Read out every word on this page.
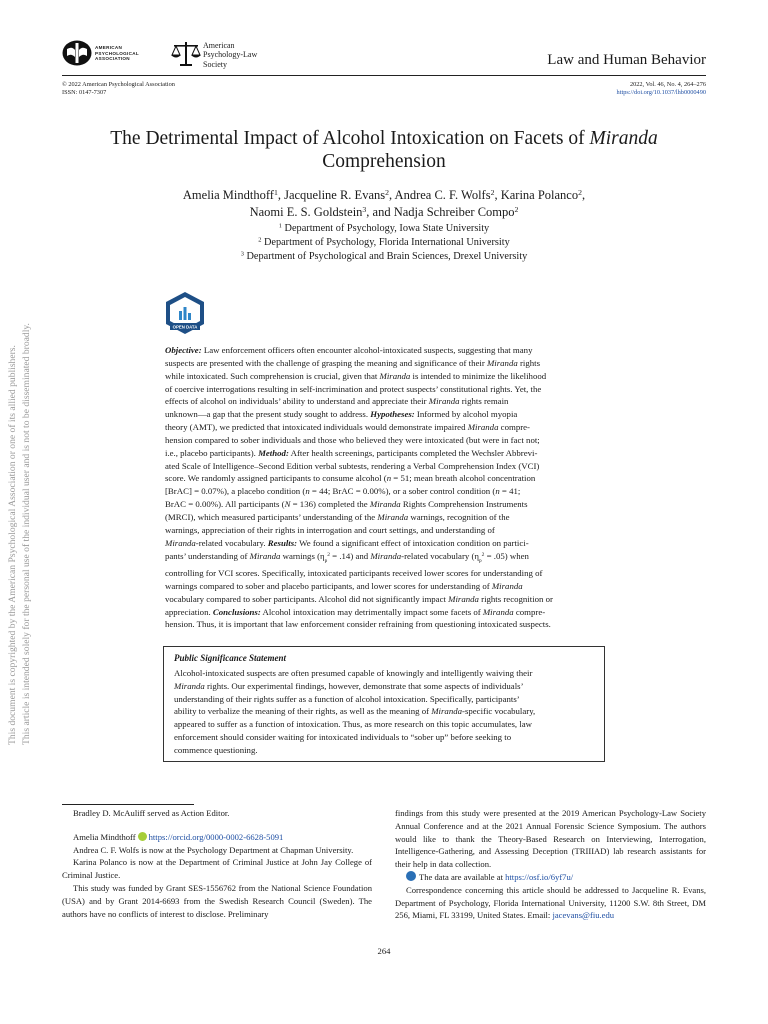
AMERICAN
PSYCHOLOGICAL
ASSOCIATION
American
Psychology-Law
Society	Law and Human Behavior
© 2022 American Psychological Association
ISSN: 0147-7307
2022, Vol. 46, No. 4, 264–276
https://doi.org/10.1037/lhb0000490
The Detrimental Impact of Alcohol Intoxication on Facets of Miranda
Comprehension
Amelia Mindthoff$^1$, Jacqueline R. Evans$^2$, Andrea C. F. Wolfs$^2$, Karina Polanco$^2$,
Naomi E. S. Goldstein$^3$, and Nadja Schreiber Compo$^2$
$^1$ Department of Psychology, Iowa State University
$^2$ Department of Psychology, Florida International University
$^3$ Department of Psychological and Brain Sciences, Drexel University
OPEN DATA
Objective: Law enforcement officers often encounter alcohol-intoxicated suspects, suggesting that many
suspects are presented with the challenge of grasping the meaning and significance of their Miranda rights
while intoxicated. Such comprehension is crucial, given that Miranda is intended to minimize the likelihood
of coercive interrogations resulting in self-incrimination and protect suspects’ constitutional rights. Yet, the
effects of alcohol on individuals’ ability to understand and appreciate their Miranda rights remain
unknown—a gap that the present study sought to address. Hypotheses: Informed by alcohol myopia
theory (AMT), we predicted that intoxicated individuals would demonstrate impaired Miranda compre-
hension compared to sober individuals and those who believed they were intoxicated (but were in fact not;
i.e., placebo participants). Method: After health screenings, participants completed the Wechsler Abbrevi-
ated Scale of Intelligence–Second Edition verbal subtests, rendering a Verbal Comprehension Index (VCI)
score. We randomly assigned participants to consume alcohol (n = 51; mean breath alcohol concentration
[BrAC] = 0.07%), a placebo condition (n = 44; BrAC = 0.00%), or a sober control condition (n = 41;
BrAC = 0.00%). All participants (N = 136) completed the Miranda Rights Comprehension Instruments
(MRCI), which measured participants’ understanding of the Miranda warnings, recognition of the
warnings, appreciation of their rights in interrogation and court settings, and understanding of
Miranda-related vocabulary. Results: We found a significant effect of intoxication condition on partici-
pants’ understanding of Miranda warnings $(\eta_p^2 = .14)$ and Miranda-related vocabulary $(\eta_p^2 = .05)$ when
controlling for VCI scores. Specifically, intoxicated participants received lower scores for understanding of
warnings compared to sober and placebo participants, and lower scores for understanding of Miranda
vocabulary compared to sober participants. Alcohol did not significantly impact Miranda rights recognition or
appreciation. Conclusions: Alcohol intoxication may detrimentally impact some facets of Miranda compre-
hension. Thus, it is important that law enforcement consider refraining from questioning intoxicated suspects.
Public Significance Statement
Alcohol-intoxicated suspects are often presumed capable of knowingly and intelligently waiving their
Miranda rights. Our experimental findings, however, demonstrate that some aspects of individuals’
understanding of their rights suffer as a function of alcohol intoxication. Specifically, participants’
ability to verbalize the meaning of their rights, as well as the meaning of Miranda-specific vocabulary,
appeared to suffer as a function of intoxication. Thus, as more research on this topic accumulates, law
enforcement should consider waiting for intoxicated individuals to “sober up” before seeking to
commence questioning.

Bradley D. McAuliff served as Action Editor.

Amelia Mindthoff https://orcid.org/0000-0002-6628-5091

Andrea C. F. Wolfs is now at the Psychology Department at Chapman University.

Karina Polanco is now at the Department of Criminal Justice at John Jay College of Criminal Justice.

This study was funded by Grant SES-1556762 from the National Science Foundation (USA) and by Grant 2014-6693 from the Swedish Research Council (Sweden). The authors have no conflicts of interest to disclose. Preliminary

findings from this study were presented at the 2019 American Psychology-Law Society Annual Conference and at the 2021 Annual Forensic Science Symposium. The authors would like to thank the Theory-Based Research on Interviewing, Interrogation, Intelligence-Gathering, and Assessing Deception (TRIIIAD) lab research assistants for their help in data collection.

The data are available at https://osf.io/6yf7u/

Correspondence concerning this article should be addressed to Jacqueline R. Evans, Department of Psychology, Florida International University, 11200 S.W. 8th Street, DM 256, Miami, FL 33199, United States. Email: jacevans@fiu.edu

264
This document is copyrighted by the American Psychological Association or one of its allied publishers. This article is intended solely for the personal use of the individual user and is not to be disseminated broadly.
